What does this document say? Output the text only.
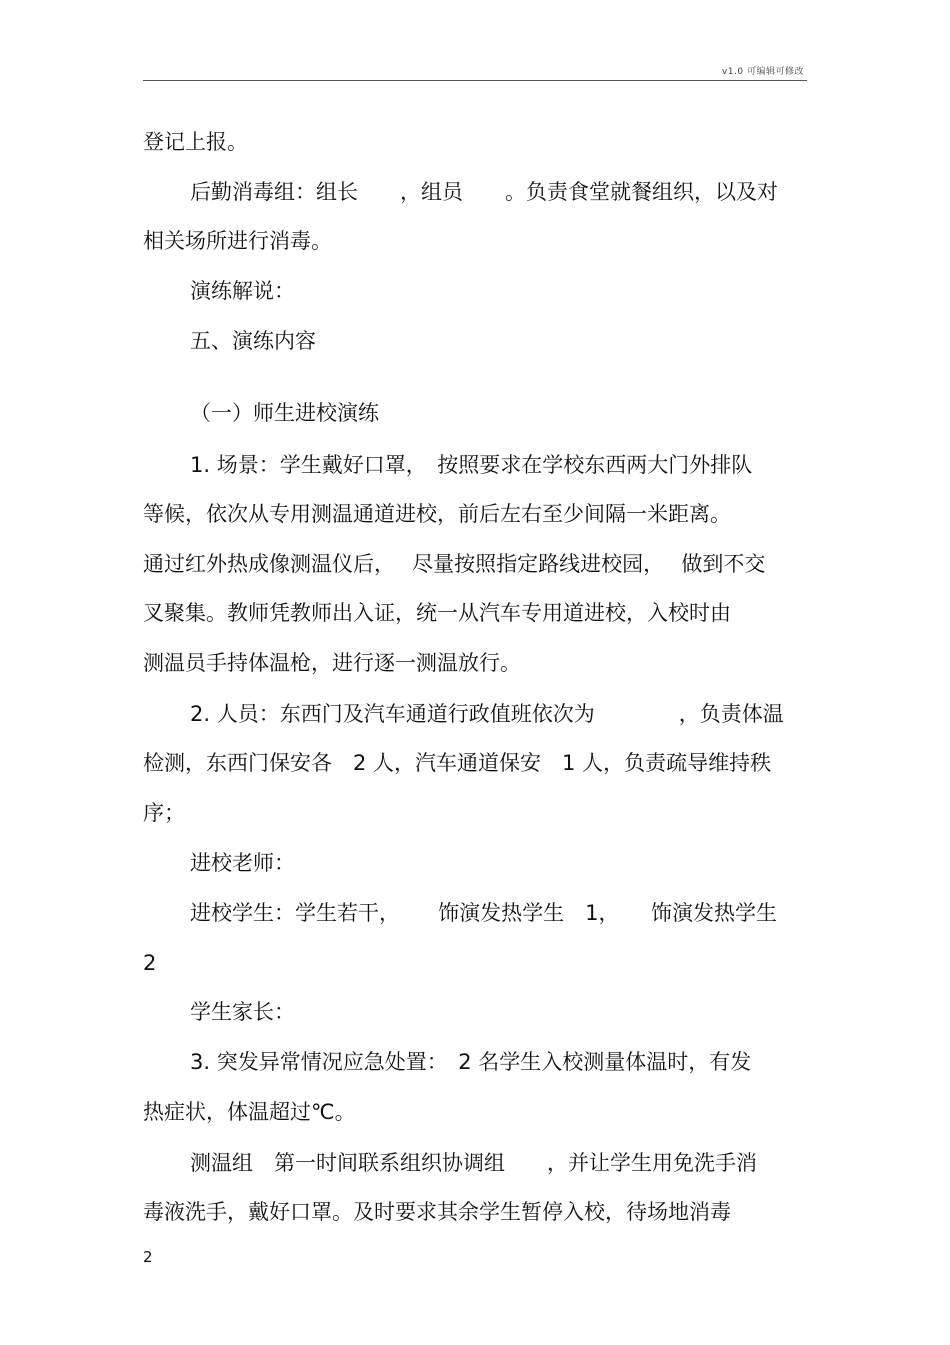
v1.0 可编辑可修改
登记上报。
后勤消毒组：组长　　，组员　　。负责食堂就餐组织，以及对
相关场所进行消毒。
演练解说：
五、演练内容
（一）师生进校演练
1. 场景：学生戴好口罩，　按照要求在学校东西两大门外排队
等候，依次从专用测温通道进校，前后左右至少间隔一米距离。
通过红外热成像测温仪后，　 尽量按照指定路线进校园，　 做到不交
叉聚集。教师凭教师出入证，统一从汽车专用道进校，入校时由
测温员手持体温枪，进行逐一测温放行。
2. 人员：东西门及汽车通道行政值班依次为　　　　，负责体温
检测，东西门保安各　2 人，汽车通道保安　1 人，负责疏导维持秩
序；
进校老师：
进校学生：学生若干，　　 饰演发热学生　1，　　饰演发热学生
2
学生家长：
3. 突发异常情况应急处置：　2 名学生入校测量体温时，有发
热症状，体温超过℃。
测温组　第一时间联系组织协调组　　，并让学生用免洗手消
毒液洗手，戴好口罩。及时要求其余学生暂停入校，待场地消毒
2
